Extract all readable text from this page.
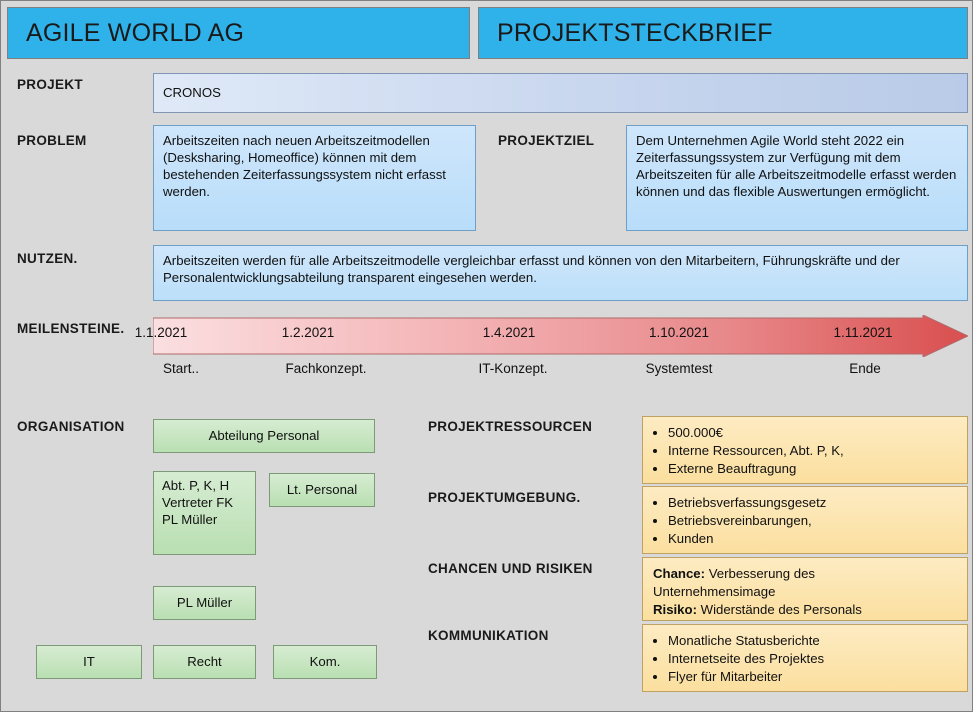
AGILE WORLD AG	PROJEKTSTECKBRIEF
PROJEKT
CRONOS
PROBLEM	Arbeitszeiten nach neuen Arbeitszeitmodellen (Desksharing, Homeoffice) können mit dem bestehenden Zeiterfassungssystem nicht erfasst werden.
PROJEKTZIEL	Dem Unternehmen Agile World steht 2022 ein Zeiterfassungssystem zur Verfügung mit dem Arbeitszeiten für alle Arbeitszeitmodelle erfasst werden können und das flexible Auswertungen ermöglicht.
NUTZEN.	Arbeitszeiten werden für alle Arbeitszeitmodelle vergleichbar erfasst und können von den Mitarbeitern, Führungskräfte und der Personalentwicklungsabteilung transparent eingesehen werden.
MEILENSTEINE. 1.1.2021	1.2.2021	1.4.2021	1.10.2021	1.11.2021
Start..	Fachkonzept.	IT-Konzept.	Systemtest	Ende
ORGANISATION
Abteilung Personal
Abt. P, K, H
Vertreter FK
PL Müller
Lt. Personal
PL Müller
IT	Recht	Kom.
PROJEKTRESSOURCEN	• 500.000€
• Interne Ressourcen, Abt. P, K,
• Externe Beauftragung
PROJEKTUMGEBUNG.	• Betriebsverfassungsgesetz
• Betriebsvereinbarungen,
• Kunden
CHANCEN UND RISIKEN	Chance: Verbesserung des

Unternehmensimage

Risiko: Widerstände des Personals

KOMMUNIKATION	• Monatliche Statusberichte
• Internetseite des Projektes
• Flyer für Mitarbeiter
